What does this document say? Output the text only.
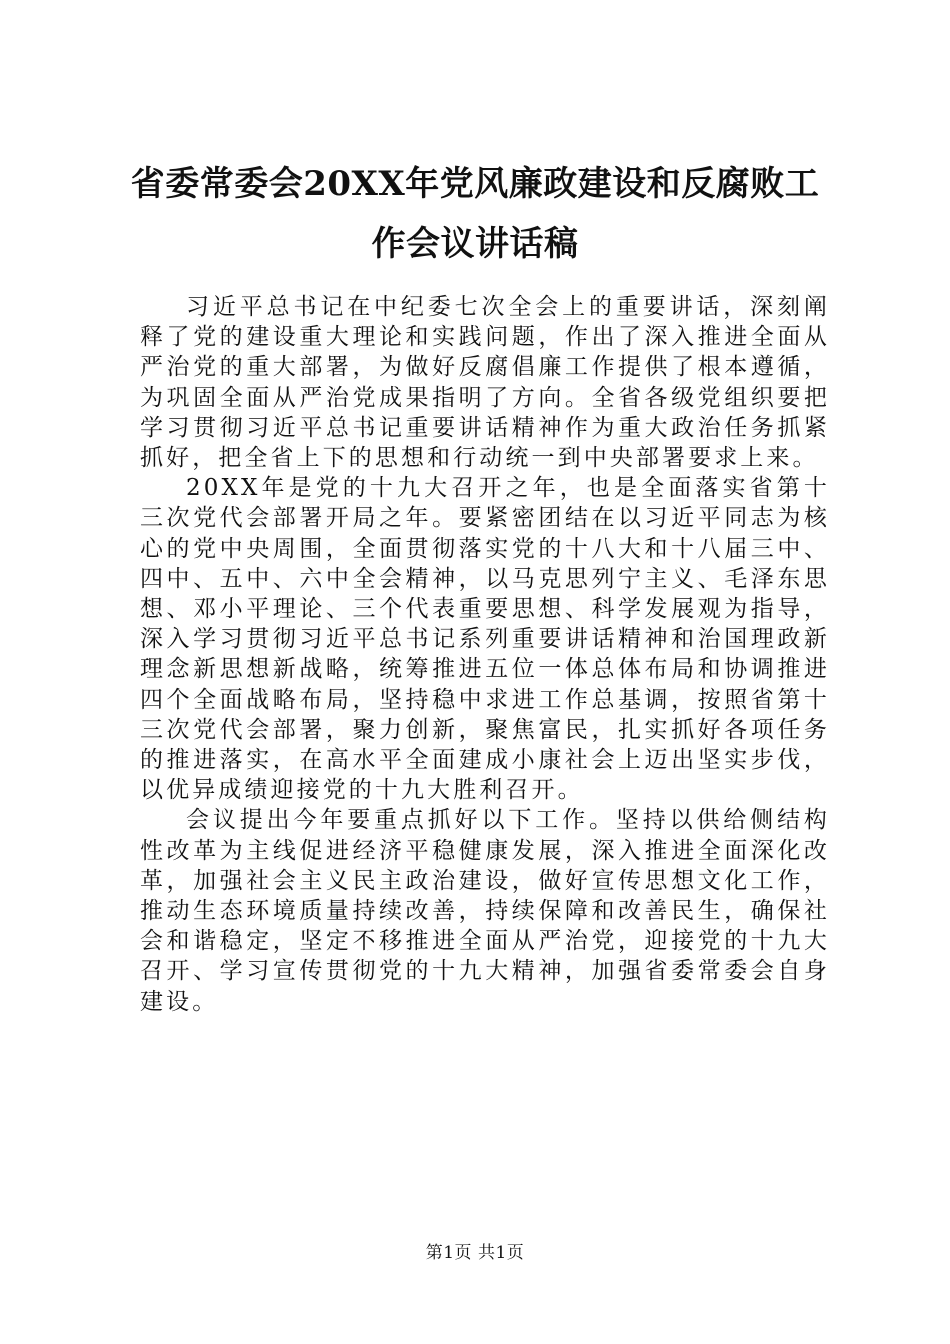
省委常委会20XX年党风廉政建设和反腐败工
作会议讲话稿

习近平总书记在中纪委七次全会上的重要讲话，深刻阐释了党的建设重大理论和实践问题，作出了深入推进全面从严治党的重大部署，为做好反腐倡廉工作提供了根本遵循，为巩固全面从严治党成果指明了方向。全省各级党组织要把学习贯彻习近平总书记重要讲话精神作为重大政治任务抓紧抓好，把全省上下的思想和行动统一到中央部署要求上来。

20XX年是党的十九大召开之年，也是全面落实省第十三次党代会部署开局之年。要紧密团结在以习近平同志为核心的党中央周围，全面贯彻落实党的十八大和十八届三中、四中、五中、六中全会精神，以马克思列宁主义、毛泽东思想、邓小平理论、三个代表重要思想、科学发展观为指导，深入学习贯彻习近平总书记系列重要讲话精神和治国理政新理念新思想新战略，统筹推进五位一体总体布局和协调推进四个全面战略布局，坚持稳中求进工作总基调，按照省第十三次党代会部署，聚力创新，聚焦富民，扎实抓好各项任务的推进落实，在高水平全面建成小康社会上迈出坚实步伐，以优异成绩迎接党的十九大胜利召开。

会议提出今年要重点抓好以下工作。坚持以供给侧结构性改革为主线促进经济平稳健康发展，深入推进全面深化改革，加强社会主义民主政治建设，做好宣传思想文化工作，推动生态环境质量持续改善，持续保障和改善民生，确保社会和谐稳定，坚定不移推进全面从严治党，迎接党的十九大召开、学习宣传贯彻党的十九大精神，加强省委常委会自身建设。

第1页 共1页
